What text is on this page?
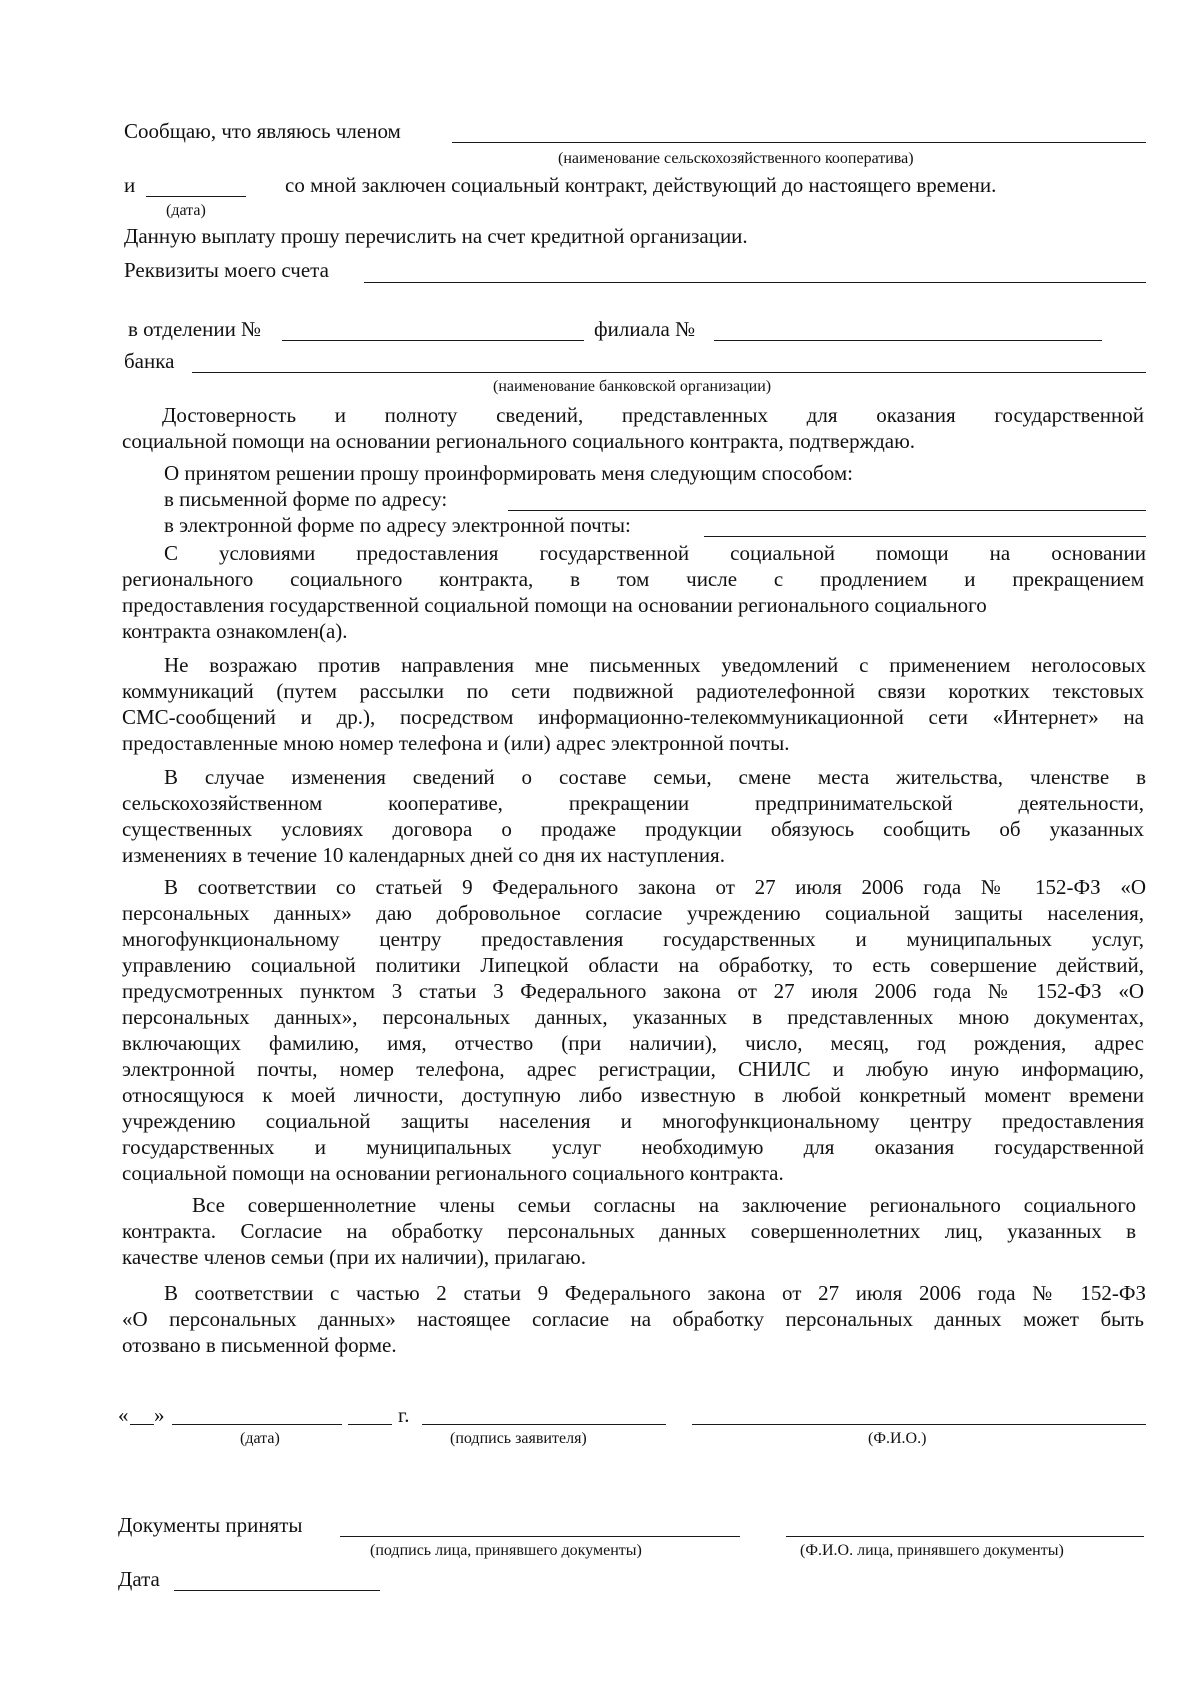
Сообщаю, что являюсь членом
(наименование сельскохозяйственного кооператива)
и	со мной заключен социальный контракт, действующий до настоящего времени.
(дата)
Данную выплату прошу перечислить на счет кредитной организации.
Реквизиты моего счета
в отделении №	филиала №
банка
(наименование банковской организации)
Достоверность и полноту сведений, представленных для оказания государственной
социальной помощи на основании регионального социального контракта, подтверждаю.
О принятом решении прошу проинформировать меня следующим способом:
в письменной форме по адресу:
в электронной форме по адресу электронной почты:
С условиями предоставления государственной социальной помощи на основании
регионального социального контракта, в том числе с продлением и прекращением
предоставления государственной социальной помощи на основании регионального социального
контракта ознакомлен(а).
Не возражаю против направления мне письменных уведомлений с применением неголосовых
коммуникаций (путем рассылки по сети подвижной радиотелефонной связи коротких текстовых
СМС-сообщений и др.), посредством информационно-телекоммуникационной сети «Интернет» на
предоставленные мною номер телефона и (или) адрес электронной почты.
В случае изменения сведений о составе семьи, смене места жительства, членстве в
сельскохозяйственном кооперативе, прекращении предпринимательской деятельности,
существенных условиях договора о продаже продукции обязуюсь сообщить об указанных
изменениях в течение 10 календарных дней со дня их наступления.
В соответствии со статьей 9 Федерального закона от 27 июля 2006 года № 152-ФЗ «О
персональных данных» даю добровольное согласие учреждению социальной защиты населения,
многофункциональному центру предоставления государственных и муниципальных услуг,
управлению социальной политики Липецкой области на обработку, то есть совершение действий,
предусмотренных пунктом 3 статьи 3 Федерального закона от 27 июля 2006 года № 152-ФЗ «О
персональных данных», персональных данных, указанных в представленных мною документах,
включающих фамилию, имя, отчество (при наличии), число, месяц, год рождения, адрес
электронной почты, номер телефона, адрес регистрации, СНИЛС и любую иную информацию,
относящуюся к моей личности, доступную либо известную в любой конкретный момент времени
учреждению социальной защиты населения и многофункциональному центру предоставления
государственных и муниципальных услуг необходимую для оказания государственной
социальной помощи на основании регионального социального контракта.
Все совершеннолетние члены семьи согласны на заключение регионального социального
контракта. Согласие на обработку персональных данных совершеннолетних лиц, указанных в
качестве членов семьи (при их наличии), прилагаю.
В соответствии с частью 2 статьи 9 Федерального закона от 27 июля 2006 года № 152-ФЗ
«О персональных данных» настоящее согласие на обработку персональных данных может быть
отозвано в письменной форме.
« »	г.
(дата)	(подпись заявителя)	(Ф.И.О.)
Документы приняты
(подпись лица, принявшего документы)	(Ф.И.О. лица, принявшего документы)
Дата
